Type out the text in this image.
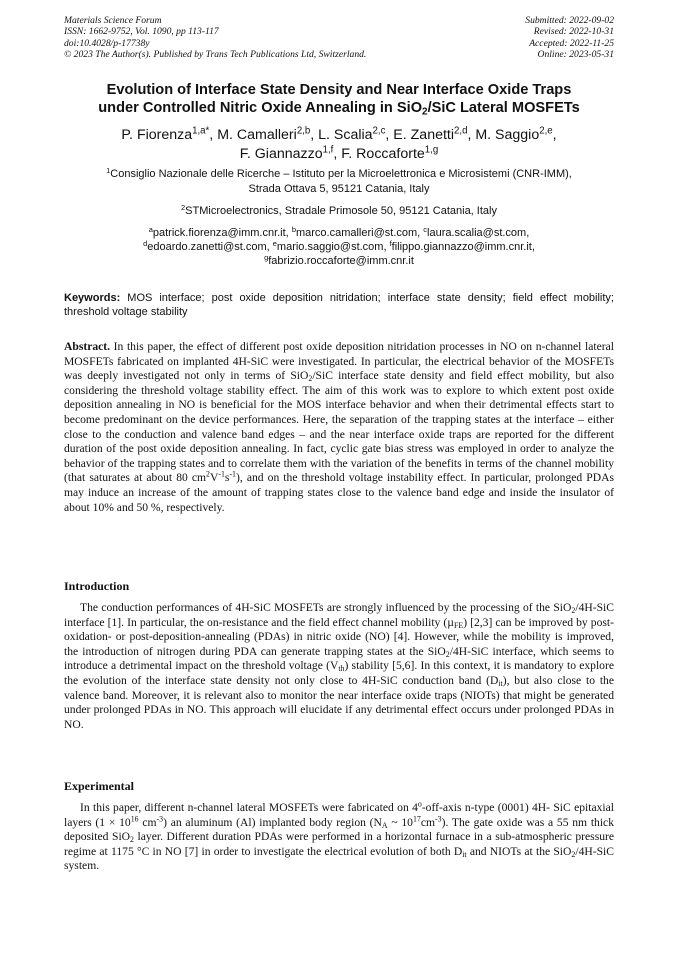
Materials Science Forum
ISSN: 1662-9752, Vol. 1090, pp 113-117
doi:10.4028/p-17738y
© 2023 The Author(s). Published by Trans Tech Publications Ltd, Switzerland.
Submitted: 2022-09-02
Revised: 2022-10-31
Accepted: 2022-11-25
Online: 2023-05-31
Evolution of Interface State Density and Near Interface Oxide Traps
under Controlled Nitric Oxide Annealing in SiO$_2$/SiC Lateral MOSFETs
P. Fiorenza$^{1,a*}$, M. Camalleri$^{2,b}$, L. Scalia$^{2,c}$, E. Zanetti$^{2,d}$, M. Saggio$^{2,e}$,
F. Giannazzo$^{1,f}$, F. Roccaforte$^{1,g}$
$^1$Consiglio Nazionale delle Ricerche – Istituto per la Microelettronica e Microsistemi (CNR-IMM),
Strada Ottava 5, 95121 Catania, Italy
$^2$STMicroelectronics, Stradale Primosole 50, 95121 Catania, Italy
$^a$patrick.fiorenza@imm.cnr.it, $^b$marco.camalleri@st.com, $^c$laura.scalia@st.com,
$^d$edoardo.zanetti@st.com, $^e$mario.saggio@st.com, $^f$filippo.giannazzo@imm.cnr.it,
$^g$fabrizio.roccaforte@imm.cnr.it
Keywords: MOS interface; post oxide deposition nitridation; interface state density; field effect mobility; threshold voltage stability
Abstract. In this paper, the effect of different post oxide deposition nitridation processes in NO on n-channel lateral MOSFETs fabricated on implanted 4H-SiC were investigated. In particular, the electrical behavior of the MOSFETs was deeply investigated not only in terms of SiO$_2$/SiC interface state density and field effect mobility, but also considering the threshold voltage stability effect. The aim of this work was to explore to which extent post oxide deposition annealing in NO is beneficial for the MOS interface behavior and when their detrimental effects start to become predominant on the device performances. Here, the separation of the trapping states at the interface – either close to the conduction and valence band edges – and the near interface oxide traps are reported for the different duration of the post oxide deposition annealing. In fact, cyclic gate bias stress was employed in order to analyze the behavior of the trapping states and to correlate them with the variation of the benefits in terms of the channel mobility (that saturates at about 80 $cm^2V^{-1}s^{-1}$), and on the threshold voltage instability effect. In particular, prolonged PDAs may induce an increase of the amount of trapping states close to the valence band edge and inside the insulator of about 10% and 50 %, respectively.
Introduction
The conduction performances of 4H-SiC MOSFETs are strongly influenced by the processing of the SiO$_2$/4H-SiC interface [1]. In particular, the on-resistance and the field effect channel mobility (µ$_{FE}$) [2,3] can be improved by post-oxidation- or post-deposition-annealing (PDAs) in nitric oxide (NO) [4]. However, while the mobility is improved, the introduction of nitrogen during PDA can generate trapping states at the SiO$_2$/4H-SiC interface, which seems to introduce a detrimental impact on the threshold voltage $(V_{th})$ stability [5,6]. In this context, it is mandatory to explore the evolution of the interface state density not only close to 4H-SiC conduction band $(D_{it})$, but also close to the valence band. Moreover, it is relevant also to monitor the near interface oxide traps (NIOTs) that might be generated under prolonged PDAs in NO. This approach will elucidate if any detrimental effect occurs under prolonged PDAs in NO.
Experimental
In this paper, different n-channel lateral MOSFETs were fabricated on 4$^o$-off-axis n-type (0001) 4H- SiC epitaxial layers ($1 \times 10^{16}$ $cm^{-3}$) an aluminum (Al) implanted body region ($N_A$ ~ $10^{17}cm^{-3}$). The gate oxide was a 55 nm thick deposited SiO$_2$ layer. Different duration PDAs were performed in a horizontal furnace in a sub-atmospheric pressure regime at 1175 °C in NO [7] in order to investigate the electrical evolution of both $D_{it}$ and NIOTs at the SiO$_2$/4H-SiC system.
